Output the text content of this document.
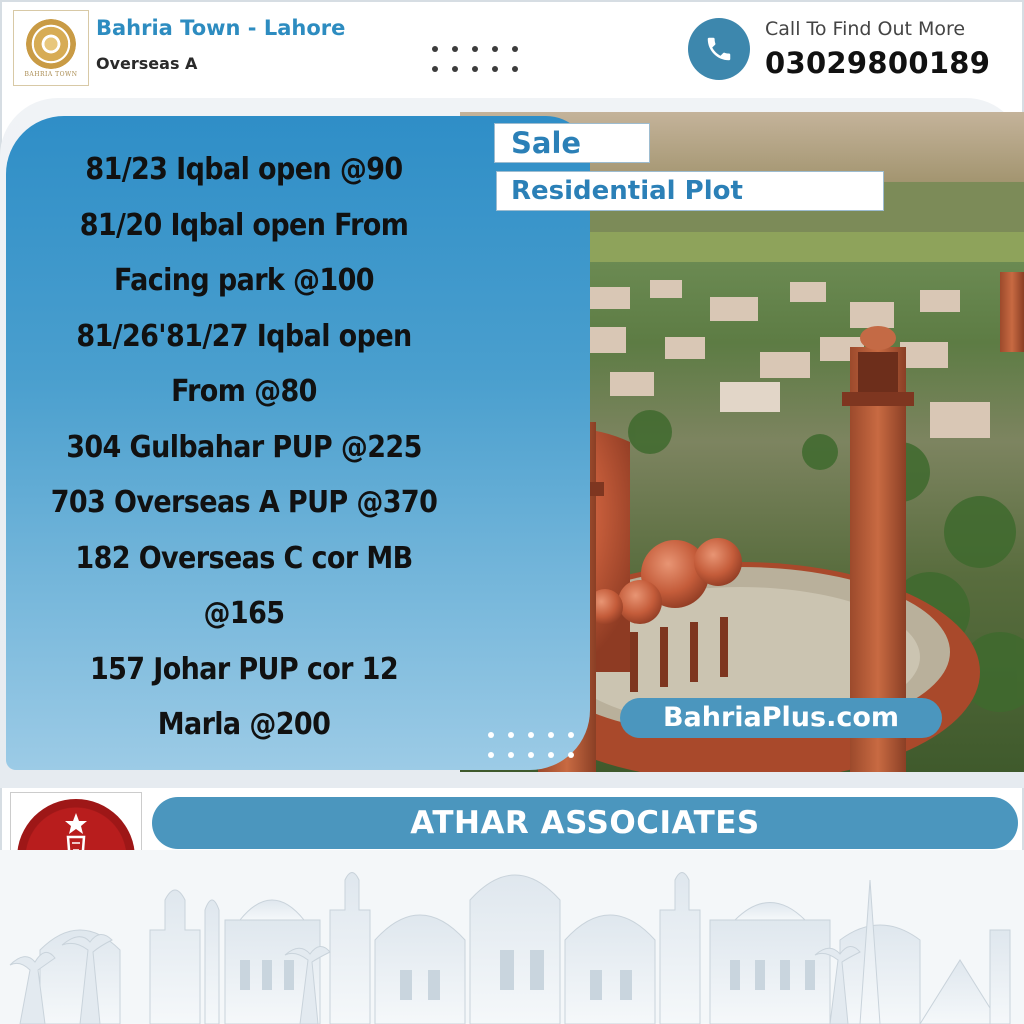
BAHRIA TOWN
Bahria Town - Lahore
Overseas A
Call To Find Out More
03029800189
81/23 Iqbal open @90
81/20 Iqbal open From
Facing park @100
81/26'81/27 Iqbal open
From @80
304 Gulbahar PUP @225
703 Overseas A PUP @370
182 Overseas C cor MB
@165
157 Johar PUP cor 12
Marla @200
Sale
Residential Plot
BahriaPlus.com
ATHAR ASSOCIATES
